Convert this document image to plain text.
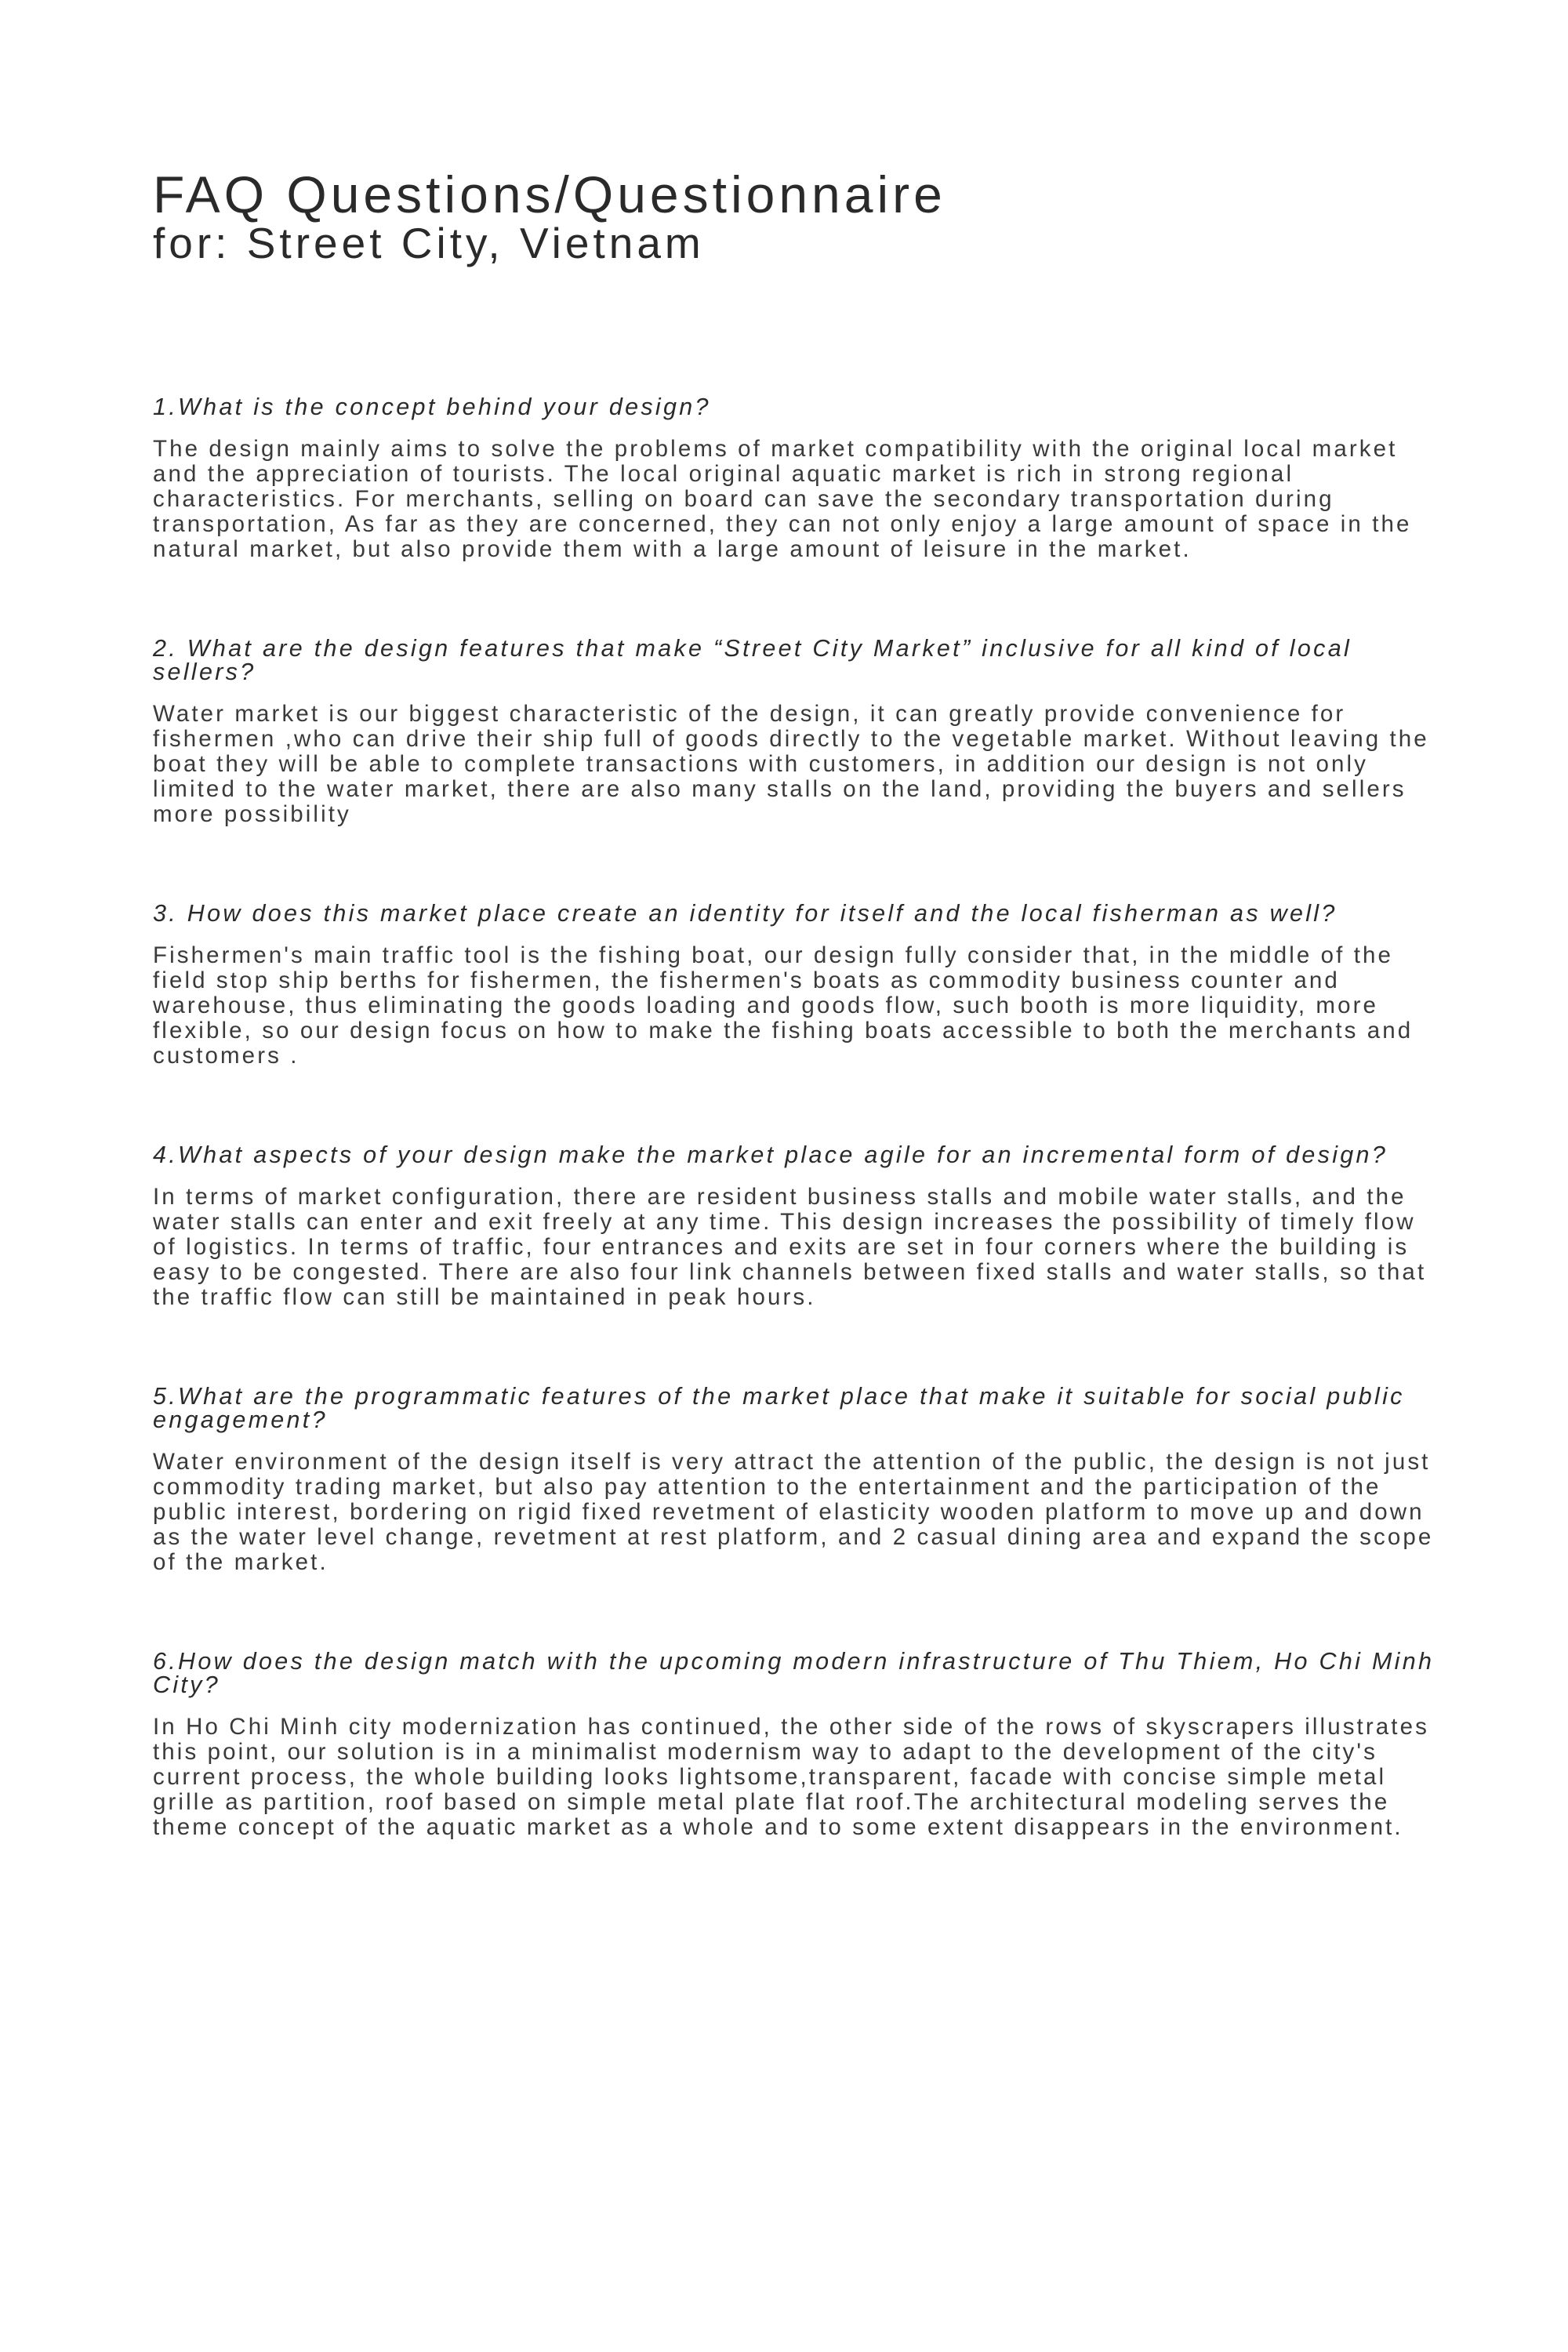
FAQ Questions/Questionnaire
for: Street City, Vietnam

1.What is the concept behind your design?

The design mainly aims to solve the problems of market compatibility with the original local market and the appreciation of tourists. The local original aquatic market is rich in strong regional characteristics. For merchants, selling on board can save the secondary transportation during transportation, As far as they are concerned, they can not only enjoy a large amount of space in the natural market, but also provide them with a large amount of leisure in the market.

2. What are the design features that make “Street City Market” inclusive for all kind of local sellers?

Water market is our biggest characteristic of the design, it can greatly provide convenience for fishermen ,who can drive their ship full of goods directly to the vegetable market. Without leaving the boat they will be able to complete transactions with customers, in addition our design is not only limited to the water market, there are also many stalls on the land, providing the buyers and sellers more possibility

3. How does this market place create an identity for itself and the local fisherman as well?

Fishermen's main traffic tool is the fishing boat, our design fully consider that, in the middle of the field stop ship berths for fishermen, the fishermen's boats as commodity business counter and warehouse, thus eliminating the goods loading and goods flow, such booth is more liquidity, more flexible, so our design focus on how to make the fishing boats accessible to both the merchants and customers .

4.What aspects of your design make the market place agile for an incremental form of design?

In terms of market configuration, there are resident business stalls and mobile water stalls, and the water stalls can enter and exit freely at any time. This design increases the possibility of timely flow of logistics. In terms of traffic, four entrances and exits are set in four corners where the building is easy to be congested. There are also four link channels between fixed stalls and water stalls, so that the traffic flow can still be maintained in peak hours.

5.What are the programmatic features of the market place that make it suitable for social public engagement?

Water environment of the design itself is very attract the attention of the public, the design is not just commodity trading market, but also pay attention to the entertainment and the participation of the public interest, bordering on rigid fixed revetment of elasticity wooden platform to move up and down as the water level change, revetment at rest platform, and 2 casual dining area and expand the scope of the market.

6.How does the design match with the upcoming modern infrastructure of Thu Thiem, Ho Chi Minh City?

In Ho Chi Minh city modernization has continued, the other side of the rows of skyscrapers illustrates this point, our solution is in a minimalist modernism way to adapt to the development of the city's current process, the whole building looks lightsome,transparent, facade with concise simple metal grille as partition, roof based on simple metal plate flat roof.The architectural modeling serves the theme concept of the aquatic market as a whole and to some extent disappears in the environment.
